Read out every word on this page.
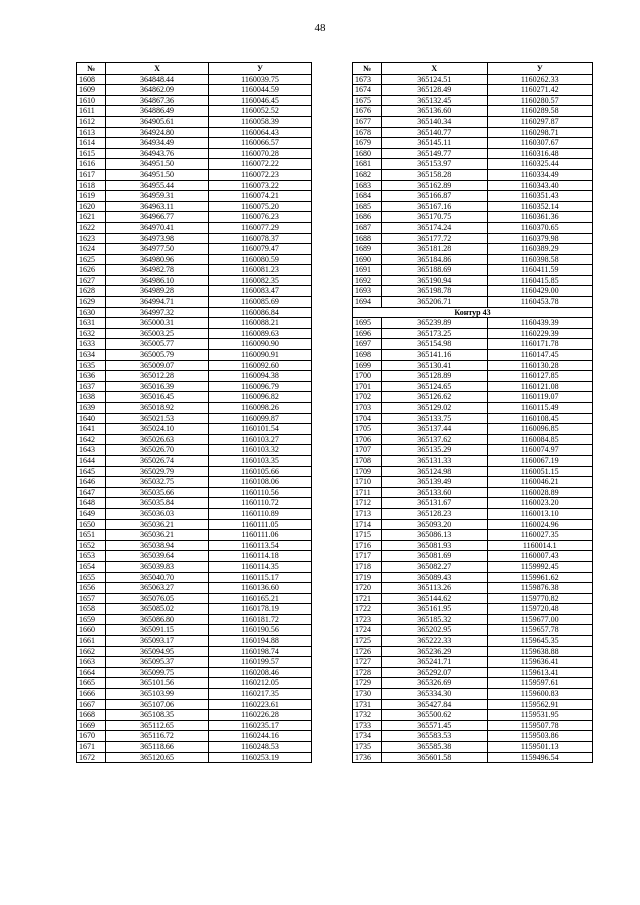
48
№	X	У
1608	364848.44	1160039.75
1609	364862.09	1160044.59
1610	364867.36	1160046.45
1611	364886.49	1160052.52
1612	364905.61	1160058.39
1613	364924.80	1160064.43
1614	364934.49	1160066.57
1615	364943.76	1160070.28
1616	364951.50	1160072.22
1617	364951.50	1160072.23
1618	364955.44	1160073.22
1619	364959.31	1160074.21
1620	364963.11	1160075.20
1621	364966.77	1160076.23
1622	364970.41	1160077.29
1623	364973.98	1160078.37
1624	364977.50	1160079.47
1625	364980.96	1160080.59
1626	364982.78	1160081.23
1627	364986.10	1160082.35
1628	364989.28	1160083.47
1629	364994.71	1160085.69
1630	364997.32	1160086.84
1631	365000.31	1160088.21
1632	365003.25	1160089.63
1633	365005.77	1160090.90
1634	365005.79	1160090.91
1635	365009.07	1160092.60
1636	365012.28	1160094.38
1637	365016.39	1160096.79
1638	365016.45	1160096.82
1639	365018.92	1160098.26
1640	365021.53	1160099.87
1641	365024.10	1160101.54
1642	365026.63	1160103.27
1643	365026.70	1160103.32
1644	365026.74	1160103.35
1645	365029.79	1160105.66
1646	365032.75	1160108.06
1647	365035.66	1160110.56
1648	365035.84	1160110.72
1649	365036.03	1160110.89
1650	365036.21	1160111.05
1651	365036.21	1160111.06
1652	365038.94	1160113.54
1653	365039.64	1160114.18
1654	365039.83	1160114.35
1655	365040.70	1160115.17
1656	365063.27	1160136.60
1657	365076.05	1160165.21
1658	365085.02	1160178.19
1659	365086.80	1160181.72
1660	365091.15	1160190.56
1661	365093.17	1160194.88
1662	365094.95	1160198.74
1663	365095.37	1160199.57
1664	365099.75	1160208.46
1665	365101.56	1160212.05
1666	365103.99	1160217.35
1667	365107.06	1160223.61
1668	365108.35	1160226.28
1669	365112.65	1160235.17
1670	365116.72	1160244.16
1671	365118.66	1160248.53
1672	365120.65	1160253.19
№	X	У
1673	365124.51	1160262.33
1674	365128.49	1160271.42
1675	365132.45	1160280.57
1676	365136.60	1160289.58
1677	365140.34	1160297.87
1678	365140.77	1160298.71
1679	365145.11	1160307.67
1680	365149.77	1160316.48
1681	365153.97	1160325.44
1682	365158.28	1160334.49
1683	365162.89	1160343.40
1684	365166.87	1160351.43
1685	365167.16	1160352.14
1686	365170.75	1160361.36
1687	365174.24	1160370.65
1688	365177.72	1160379.98
1689	365181.28	1160389.29
1690	365184.86	1160398.58
1691	365188.69	1160411.59
1692	365190.94	1160415.85
1693	365198.78	1160429.00
1694	365206.71	1160453.78
Контур 43		
1695	365239.89	1160439.39
1696	365173.25	1160229.39
1697	365154.98	1160171.78
1698	365141.16	1160147.45
1699	365130.41	1160130.28
1700	365128.89	1160127.85
1701	365124.65	1160121.08
1702	365126.62	1160119.07
1703	365129.02	1160115.49
1704	365133.75	1160108.45
1705	365137.44	1160096.85
1706	365137.62	1160084.85
1707	365135.29	1160074.97
1708	365131.33	1160067.19
1709	365124.98	1160051.15
1710	365139.49	1160046.21
1711	365133.60	1160028.89
1712	365131.67	1160023.20
1713	365128.23	1160013.10
1714	365093.20	1160024.96
1715	365086.13	1160027.35
1716	365081.93	1160014.1
1717	365081.69	1160007.43
1718	365082.27	1159992.45
1719	365089.43	1159961.62
1720	365113.26	1159876.38
1721	365144.62	1159770.82
1722	365161.95	1159720.48
1723	365185.32	1159677.00
1724	365202.95	1159657.78
1725	365222.33	1159645.35
1726	365236.29	1159638.88
1727	365241.71	1159636.41
1728	365292.07	1159613.41
1729	365326.69	1159597.61
1730	365334.30	1159600.83
1731	365427.84	1159562.91
1732	365500.62	1159531.95
1733	365571.45	1159507.78
1734	365583.53	1159503.86
1735	365585.38	1159501.13
1736	365601.58	1159496.54
